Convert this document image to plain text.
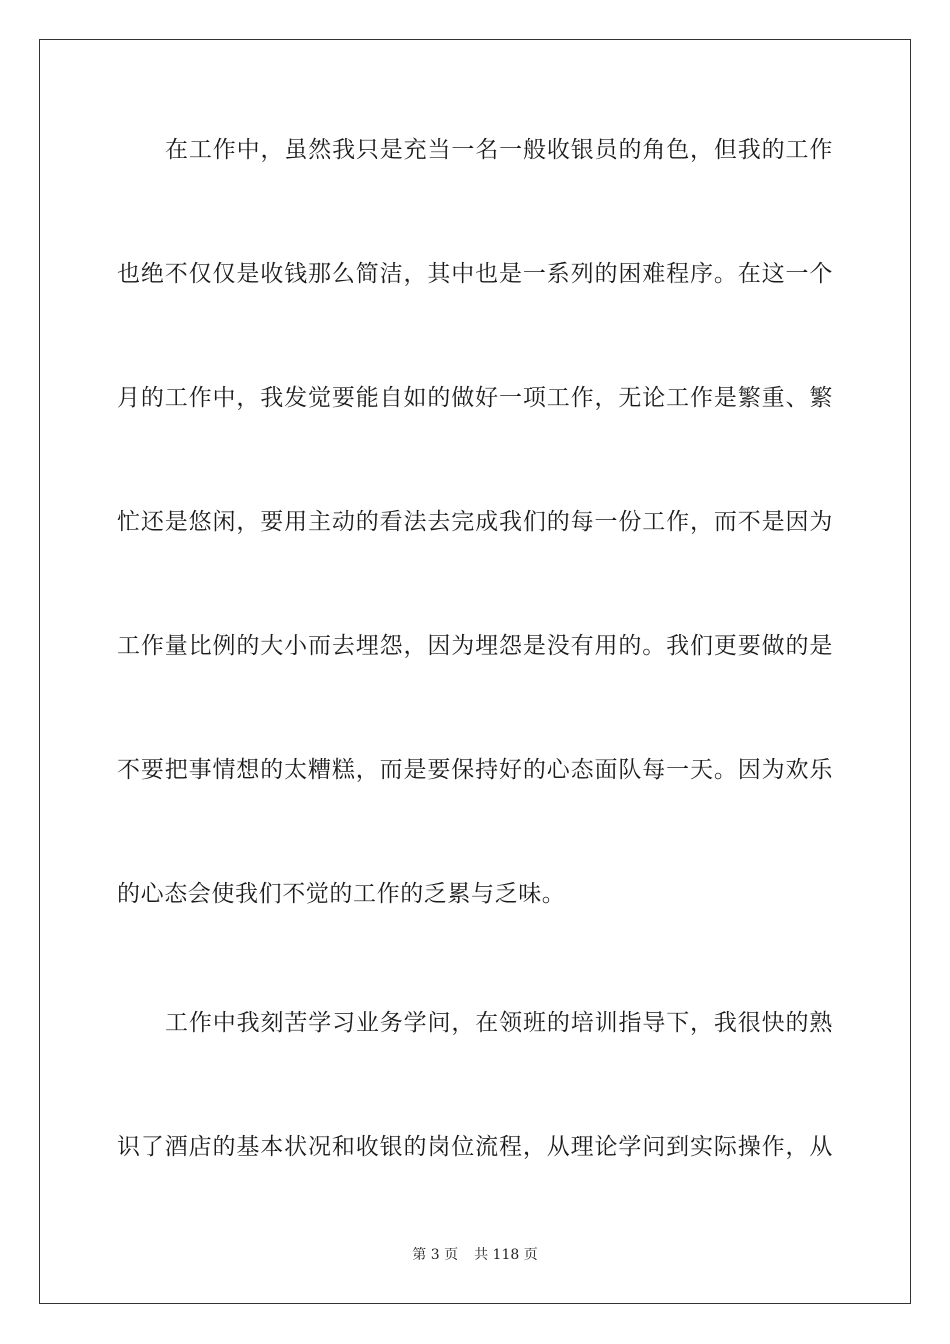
在工作中，虽然我只是充当一名一般收银员的角色，但我的工作
也绝不仅仅是收钱那么简洁，其中也是一系列的困难程序。在这一个
月的工作中，我发觉要能自如的做好一项工作，无论工作是繁重、繁
忙还是悠闲，要用主动的看法去完成我们的每一份工作，而不是因为
工作量比例的大小而去埋怨，因为埋怨是没有用的。我们更要做的是
不要把事情想的太糟糕，而是要保持好的心态面队每一天。因为欢乐
的心态会使我们不觉的工作的乏累与乏味。
工作中我刻苦学习业务学问，在领班的培训指导下，我很快的熟
识了酒店的基本状况和收银的岗位流程，从理论学问到实际操作，从
第 3 页 共 118 页
